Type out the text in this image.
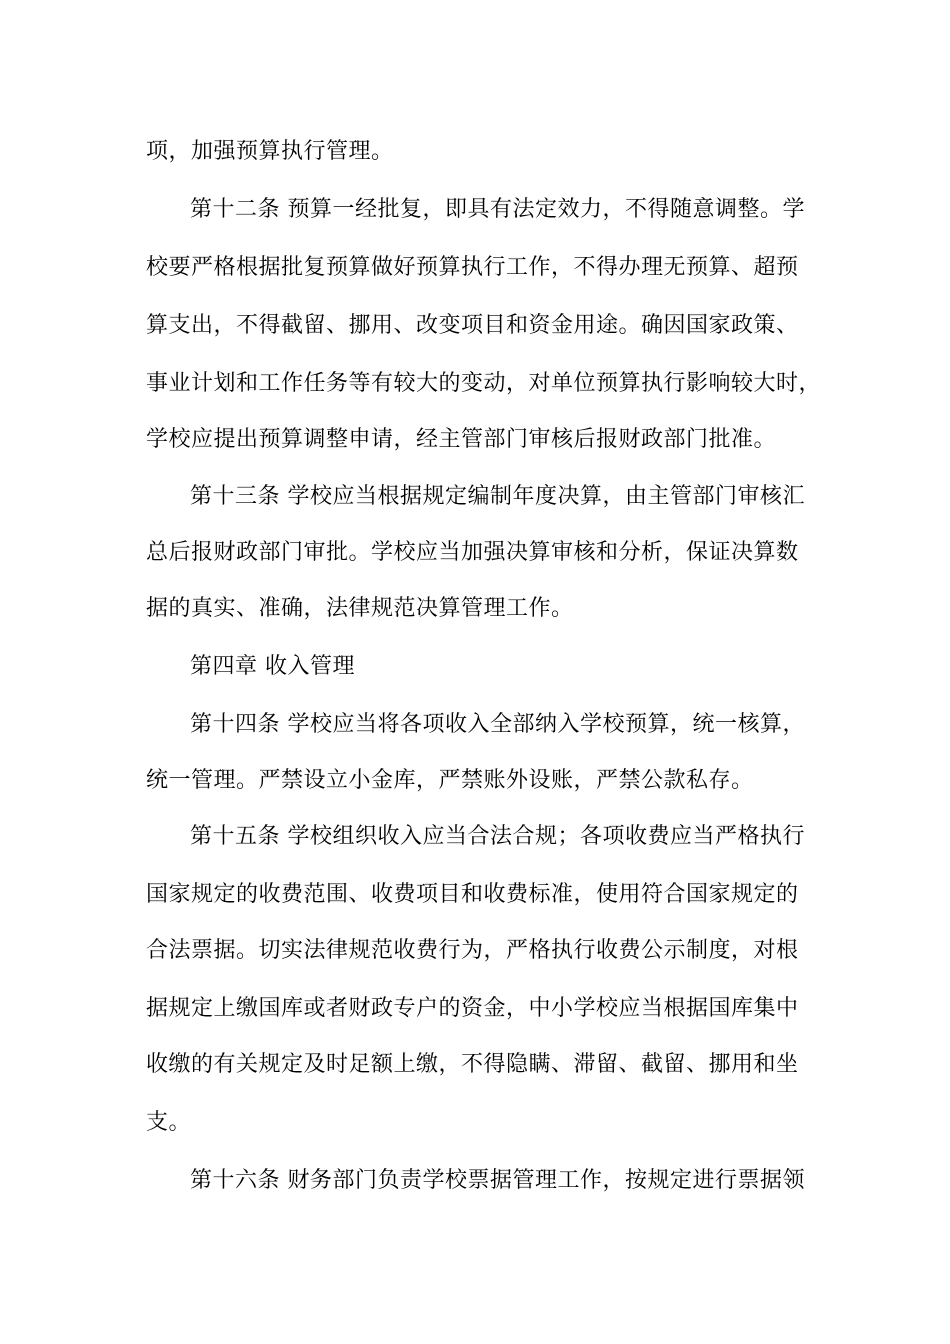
项，加强预算执行管理。
第十二条 预算一经批复，即具有法定效力，不得随意调整。学
校要严格根据批复预算做好预算执行工作，不得办理无预算、超预
算支出，不得截留、挪用、改变项目和资金用途。确因国家政策、
事业计划和工作任务等有较大的变动，对单位预算执行影响较大时，
学校应提出预算调整申请，经主管部门审核后报财政部门批准。
第十三条 学校应当根据规定编制年度决算，由主管部门审核汇
总后报财政部门审批。学校应当加强决算审核和分析，保证决算数
据的真实、准确，法律规范决算管理工作。
第四章 收入管理
第十四条 学校应当将各项收入全部纳入学校预算，统一核算，
统一管理。严禁设立小金库，严禁账外设账，严禁公款私存。
第十五条 学校组织收入应当合法合规；各项收费应当严格执行
国家规定的收费范围、收费项目和收费标准，使用符合国家规定的
合法票据。切实法律规范收费行为，严格执行收费公示制度，对根
据规定上缴国库或者财政专户的资金，中小学校应当根据国库集中
收缴的有关规定及时足额上缴，不得隐瞒、滞留、截留、挪用和坐
支。
第十六条 财务部门负责学校票据管理工作，按规定进行票据领
